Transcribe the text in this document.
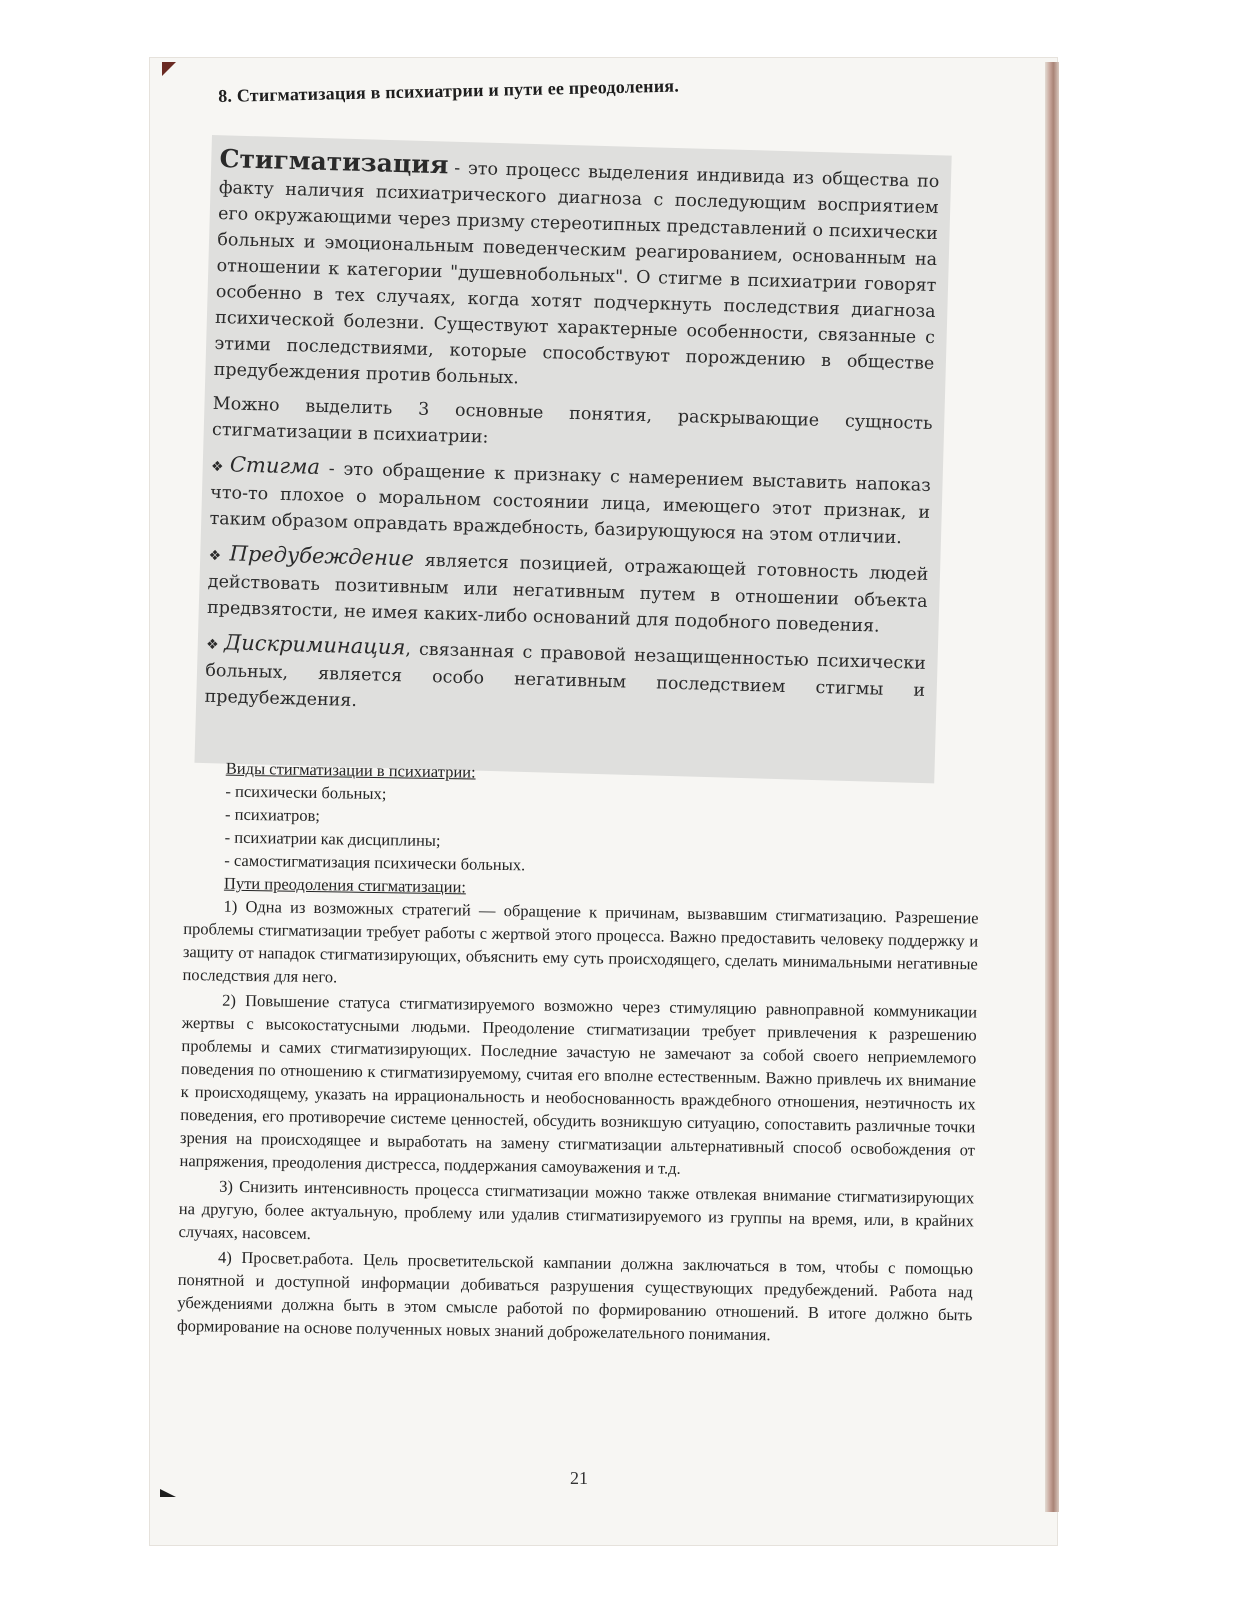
8. Стигматизация в психиатрии и пути ее преодоления.

Стигматизация - это процесс выделения индивида из общества по факту наличия психиатрического диагноза с последующим восприятием его окружающими через призму стереотипных представлений о психически больных и эмоциональным поведенческим реагированием, основанным на отношении к категории "душевнобольных". О стигме в психиатрии говорят особенно в тех случаях, когда хотят подчеркнуть последствия диагноза психической болезни. Существуют характерные особенности, связанные с этими последствиями, которые способствуют порождению в обществе предубеждения против больных.

Можно выделить 3 основные понятия, раскрывающие сущность стигматизации в психиатрии:

❖ Стигма - это обращение к признаку с намерением выставить напоказ что-то плохое о моральном состоянии лица, имеющего этот признак, и таким образом оправдать враждебность, базирующуюся на этом отличии.

❖ Предубеждение является позицией, отражающей готовность людей действовать позитивным или негативным путем в отношении объекта предвзятости, не имея каких-либо оснований для подобного поведения.

❖ Дискриминация, связанная с правовой незащищенностью психически больных, является особо негативным последствием стигмы и предубеждения.

Виды стигматизации в психиатрии:

- психически больных;
- психиатров;
- психиатрии как дисциплины;
- самостигматизация психически больных.

Пути преодоления стигматизации:

1) Одна из возможных стратегий — обращение к причинам, вызвавшим стигматизацию. Разрешение проблемы стигматизации требует работы с жертвой этого процесса. Важно предоставить человеку поддержку и защиту от нападок стигматизирующих, объяснить ему суть происходящего, сделать минимальными негативные последствия для него.

2) Повышение статуса стигматизируемого возможно через стимуляцию равноправной коммуникации жертвы с высокостатусными людьми. Преодоление стигматизации требует привлечения к разрешению проблемы и самих стигматизирующих. Последние зачастую не замечают за собой своего неприемлемого поведения по отношению к стигматизируемому, считая его вполне естественным. Важно привлечь их внимание к происходящему, указать на иррациональность и необоснованность враждебного отношения, неэтичность их поведения, его противоречие системе ценностей, обсудить возникшую ситуацию, сопоставить различные точки зрения на происходящее и выработать на замену стигматизации альтернативный способ освобождения от напряжения, преодоления дистресса, поддержания самоуважения и т.д.

3) Снизить интенсивность процесса стигматизации можно также отвлекая внимание стигматизирующих на другую, более актуальную, проблему или удалив стигматизируемого из группы на время, или, в крайних случаях, насовсем.

4) Просвет.работа. Цель просветительской кампании должна заключаться в том, чтобы с помощью понятной и доступной информации добиваться разрушения существующих предубеждений. Работа над убеждениями должна быть в этом смысле работой по формированию отношений. В итоге должно быть формирование на основе полученных новых знаний доброжелательного понимания.

21
